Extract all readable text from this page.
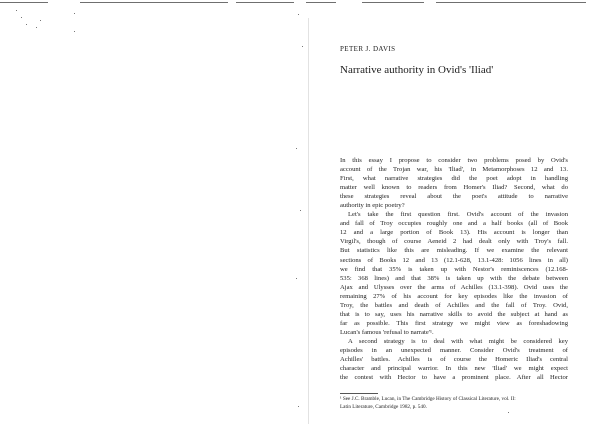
PETER J. DAVIS
Narrative authority in Ovid's 'Iliad'
In this essay I propose to consider two problems posed by Ovid's
account of the Trojan war, his 'Iliad', in Metamorphoses 12 and 13.
First, what narrative strategies did the poet adopt in handling
matter well known to readers from Homer's Iliad? Second, what do
these strategies reveal about the poet's attitude to narrative
authority in epic poetry?
Let's take the first question first. Ovid's account of the invasion
and fall of Troy occupies roughly one and a half books (all of Book
12 and a large portion of Book 13). His account is longer than
Virgil's, though of course Aeneid 2 had dealt only with Troy's fall.
But statistics like this are misleading. If we examine the relevant
sections of Books 12 and 13 (12.1-628, 13.1-428: 1056 lines in all)
we find that 35% is taken up with Nestor's reminiscences (12.168-
535: 368 lines) and that 38% is taken up with the debate between
Ajax and Ulysses over the arms of Achilles (13.1-398). Ovid uses the
remaining 27% of his account for key episodes like the invasion of
Troy, the battles and death of Achilles and the fall of Troy. Ovid,
that is to say, uses his narrative skills to avoid the subject at hand as
far as possible. This first strategy we might view as foreshadowing
Lucan's famous 'refusal to narrate'¹.
A second strategy is to deal with what might be considered key
episodes in an unexpected manner. Consider Ovid's treatment of
Achilles' battles. Achilles is of course the Homeric Iliad's central
character and principal warrior. In this new 'Iliad' we might expect
the contest with Hector to have a prominent place. After all Hector
¹ See J.C. Bramble, Lucan, in The Cambridge History of Classical Literature, vol. II:
Latin Literature, Cambridge 1982, p. 540.
